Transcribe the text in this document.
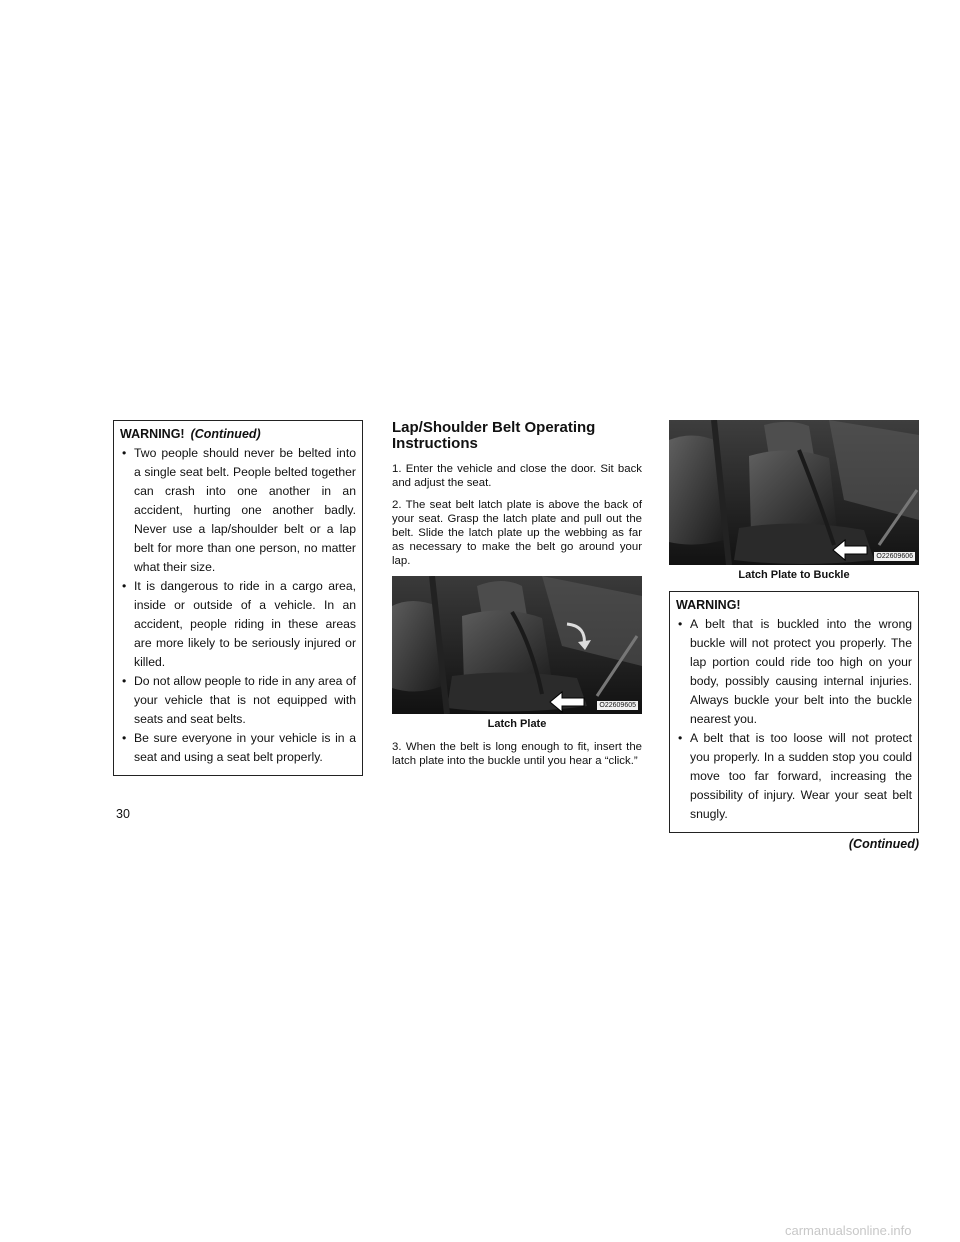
WARNING! (Continued)
• Two people should never be belted into a single seat belt. People belted together can crash into one another in an accident, hurting one another badly. Never use a lap/shoulder belt or a lap belt for more than one person, no matter what their size.
• It is dangerous to ride in a cargo area, inside or outside of a vehicle. In an accident, people riding in these areas are more likely to be seriously injured or killed.
• Do not allow people to ride in any area of your vehicle that is not equipped with seats and seat belts.
• Be sure everyone in your vehicle is in a seat and using a seat belt properly.
Lap/Shoulder Belt Operating Instructions

1. Enter the vehicle and close the door. Sit back and adjust the seat.

2. The seat belt latch plate is above the back of your seat. Grasp the latch plate and pull out the belt. Slide the latch plate up the webbing as far as necessary to make the belt go around your lap.

O22609605
Latch Plate

3. When the belt is long enough to fit, insert the latch plate into the buckle until you hear a “click.”

O22609606
Latch Plate to Buckle
WARNING!
• A belt that is buckled into the wrong buckle will not protect you properly. The lap portion could ride too high on your body, possibly causing internal injuries. Always buckle your belt into the buckle nearest you.
• A belt that is too loose will not protect you properly. In a sudden stop you could move too far forward, increasing the possibility of injury. Wear your seat belt snugly.
(Continued)
30
carmanualsonline.info
